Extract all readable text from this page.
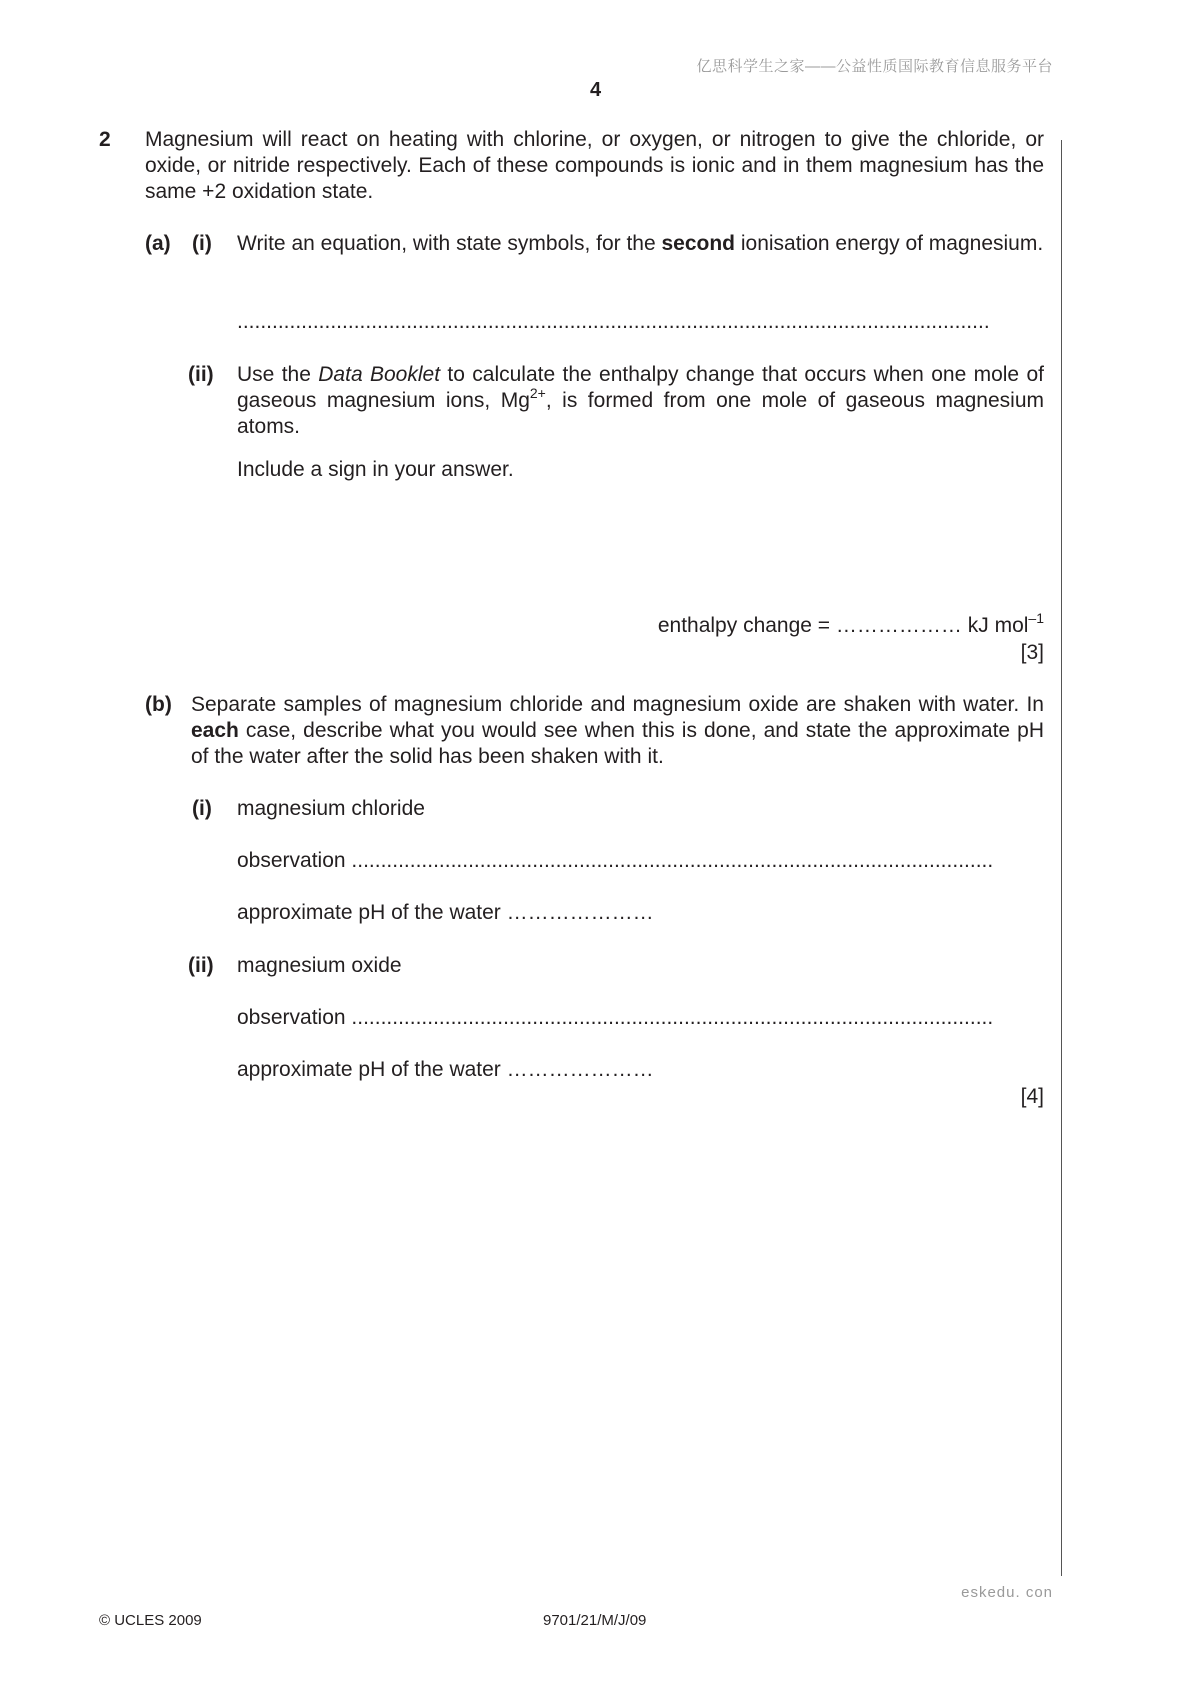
亿思科学生之家——公益性质国际教育信息服务平台
4
2 Magnesium will react on heating with chlorine, or oxygen, or nitrogen to give the chloride, or oxide, or nitride respectively. Each of these compounds is ionic and in them magnesium has the same +2 oxidation state.
(a) (i) Write an equation, with state symbols, for the second ionisation energy of magnesium.
.................................................................................................................................
(ii) Use the Data Booklet to calculate the enthalpy change that occurs when one mole of gaseous magnesium ions, $Mg^{2+}$, is formed from one mole of gaseous magnesium atoms.
Include a sign in your answer.
enthalpy change = ……………… kJ mol$^{-1}$
[3]
(b) Separate samples of magnesium chloride and magnesium oxide are shaken with water. In each case, describe what you would see when this is done, and state the approximate pH of the water after the solid has been shaken with it.
(i) magnesium chloride
observation ..............................................................................................................
approximate pH of the water …………………
(ii) magnesium oxide
observation ..............................................................................................................
approximate pH of the water …………………
[4]
eskedu. con
© UCLES 2009	9701/21/M/J/09
